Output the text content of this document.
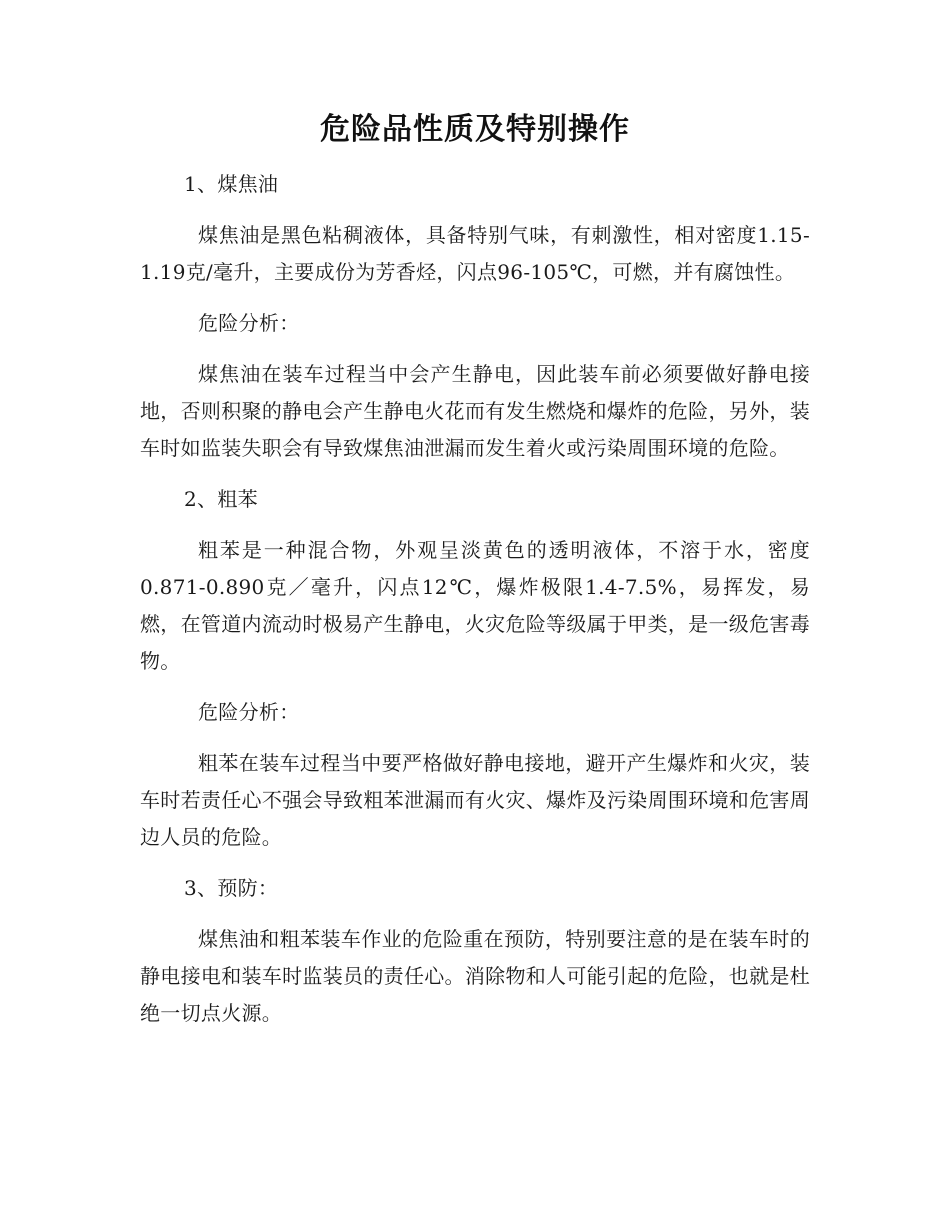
危险品性质及特别操作
1、煤焦油
煤焦油是黑色粘稠液体，具备特别气味，有刺激性，相对密度1.15-1.19克/毫升，主要成份为芳香烃，闪点96-105℃，可燃，并有腐蚀性。
危险分析：
煤焦油在装车过程当中会产生静电，因此装车前必须要做好静电接地，否则积聚的静电会产生静电火花而有发生燃烧和爆炸的危险，另外，装车时如监装失职会有导致煤焦油泄漏而发生着火或污染周围环境的危险。
2、粗苯
粗苯是一种混合物，外观呈淡黄色的透明液体，不溶于水，密度0.871-0.890克／毫升，闪点12℃，爆炸极限1.4-7.5%，易挥发，易燃，在管道内流动时极易产生静电，火灾危险等级属于甲类，是一级危害毒物。
危险分析：
粗苯在装车过程当中要严格做好静电接地，避开产生爆炸和火灾，装车时若责任心不强会导致粗苯泄漏而有火灾、爆炸及污染周围环境和危害周边人员的危险。
3、预防：
煤焦油和粗苯装车作业的危险重在预防，特别要注意的是在装车时的静电接电和装车时监装员的责任心。消除物和人可能引起的危险，也就是杜绝一切点火源。
